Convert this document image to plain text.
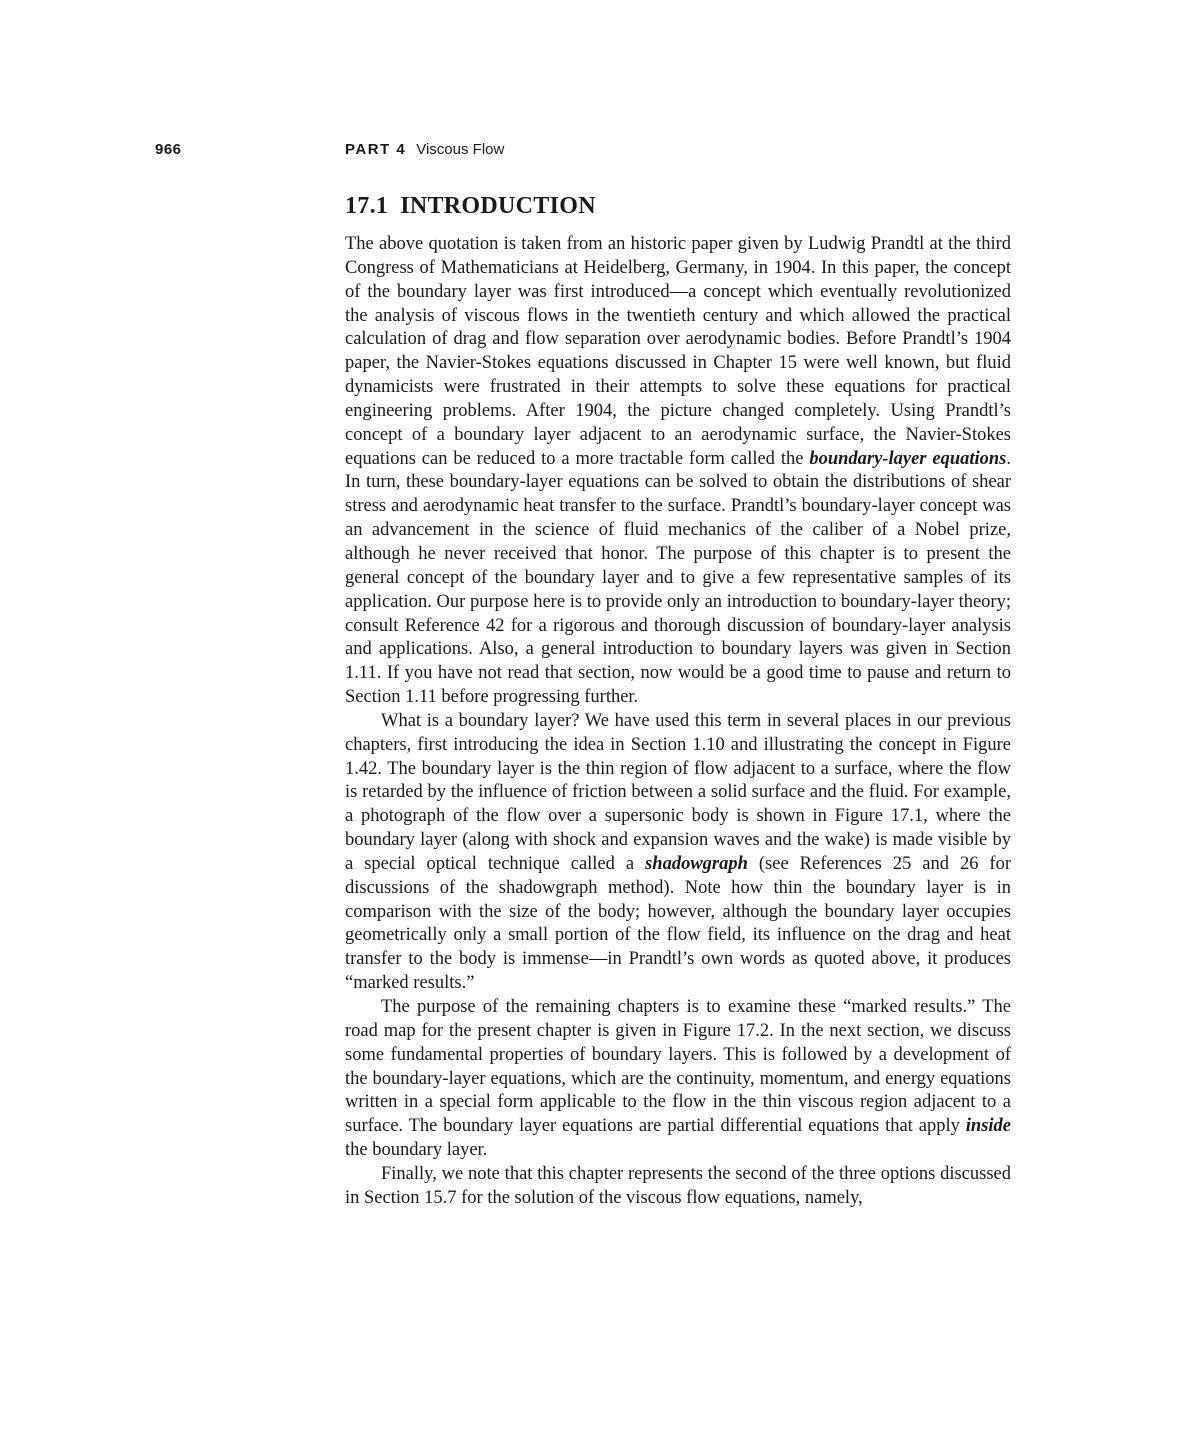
966	PART 4 Viscous Flow
17.1 INTRODUCTION

The above quotation is taken from an historic paper given by Ludwig Prandtl at the third Congress of Mathematicians at Heidelberg, Germany, in 1904. In this paper, the concept of the boundary layer was first introduced—a concept which eventually revolutionized the analysis of viscous flows in the twentieth century and which allowed the practical calculation of drag and flow separation over aerodynamic bodies. Before Prandtl’s 1904 paper, the Navier-Stokes equations discussed in Chapter 15 were well known, but fluid dynamicists were frustrated in their attempts to solve these equations for practical engineering problems. After 1904, the picture changed completely. Using Prandtl’s concept of a boundary layer adjacent to an aerodynamic surface, the Navier-Stokes equations can be reduced to a more tractable form called the boundary-layer equations. In turn, these boundary-layer equations can be solved to obtain the distributions of shear stress and aerodynamic heat transfer to the surface. Prandtl’s boundary-layer concept was an advancement in the science of fluid mechanics of the caliber of a Nobel prize, although he never received that honor. The purpose of this chapter is to present the general concept of the boundary layer and to give a few representative samples of its application. Our purpose here is to provide only an introduction to boundary-layer theory; consult Reference 42 for a rigorous and thorough discussion of boundary-layer analysis and applications. Also, a general introduction to boundary layers was given in Section 1.11. If you have not read that section, now would be a good time to pause and return to Section 1.11 before progressing further.

What is a boundary layer? We have used this term in several places in our previous chapters, first introducing the idea in Section 1.10 and illustrating the concept in Figure 1.42. The boundary layer is the thin region of flow adjacent to a surface, where the flow is retarded by the influence of friction between a solid surface and the fluid. For example, a photograph of the flow over a supersonic body is shown in Figure 17.1, where the boundary layer (along with shock and expansion waves and the wake) is made visible by a special optical technique called a shadowgraph (see References 25 and 26 for discussions of the shadowgraph method). Note how thin the boundary layer is in comparison with the size of the body; however, although the boundary layer occupies geometrically only a small portion of the flow field, its influence on the drag and heat transfer to the body is immense—in Prandtl’s own words as quoted above, it produces “marked results.”

The purpose of the remaining chapters is to examine these “marked results.” The road map for the present chapter is given in Figure 17.2. In the next section, we discuss some fundamental properties of boundary layers. This is followed by a development of the boundary-layer equations, which are the continuity, momentum, and energy equations written in a special form applicable to the flow in the thin viscous region adjacent to a surface. The boundary layer equations are partial differential equations that apply inside the boundary layer.

Finally, we note that this chapter represents the second of the three options discussed in Section 15.7 for the solution of the viscous flow equations, namely,
